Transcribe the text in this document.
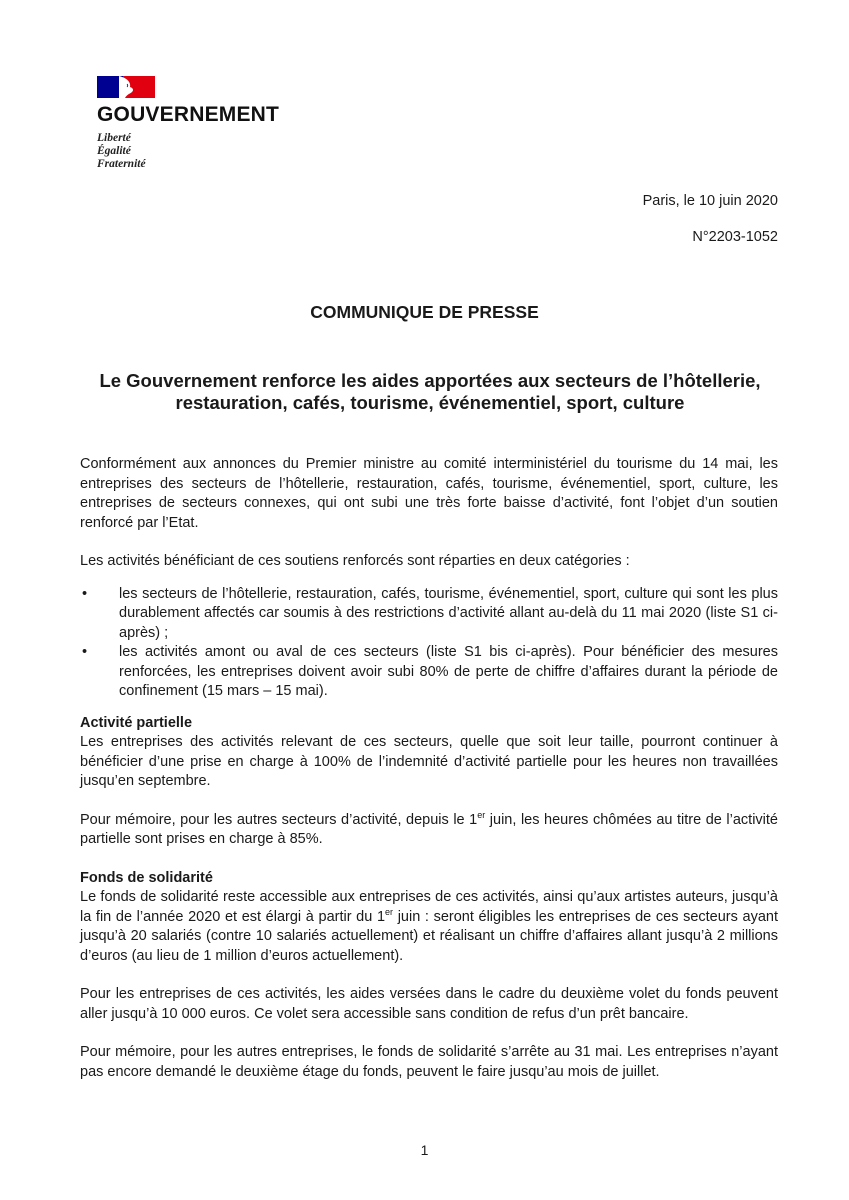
GOUVERNEMENT
Liberté
Égalité
Fraternité
Paris, le 10 juin 2020
N°2203-1052
COMMUNIQUE DE PRESSE
Le Gouvernement renforce les aides apportées aux secteurs de l’hôtellerie, restauration, cafés, tourisme, événementiel, sport, culture

Conformément aux annonces du Premier ministre au comité interministériel du tourisme du 14 mai, les entreprises des secteurs de l’hôtellerie, restauration, cafés, tourisme, événementiel, sport, culture, les entreprises de secteurs connexes, qui ont subi une très forte baisse d’activité, font l’objet d’un soutien renforcé par l’Etat.

Les activités bénéficiant de ces soutiens renforcés sont réparties en deux catégories :

• les secteurs de l’hôtellerie, restauration, cafés, tourisme, événementiel, sport, culture qui sont les plus durablement affectés car soumis à des restrictions d’activité allant au-delà du 11 mai 2020 (liste S1 ci-après) ;
• les activités amont ou aval de ces secteurs (liste S1 bis ci-après). Pour bénéficier des mesures renforcées, les entreprises doivent avoir subi 80% de perte de chiffre d’affaires durant la période de confinement (15 mars – 15 mai).
Activité partielle

Les entreprises des activités relevant de ces secteurs, quelle que soit leur taille, pourront continuer à bénéficier d’une prise en charge à 100% de l’indemnité d’activité partielle pour les heures non travaillées jusqu’en septembre.

Pour mémoire, pour les autres secteurs d’activité, depuis le 1er juin, les heures chômées au titre de l’activité partielle sont prises en charge à 85%.

Fonds de solidarité

Le fonds de solidarité reste accessible aux entreprises de ces activités, ainsi qu’aux artistes auteurs, jusqu’à la fin de l’année 2020 et est élargi à partir du 1er juin : seront éligibles les entreprises de ces secteurs ayant jusqu’à 20 salariés (contre 10 salariés actuellement) et réalisant un chiffre d’affaires allant jusqu’à 2 millions d’euros (au lieu de 1 million d’euros actuellement).

Pour les entreprises de ces activités, les aides versées dans le cadre du deuxième volet du fonds peuvent aller jusqu’à 10 000 euros. Ce volet sera accessible sans condition de refus d’un prêt bancaire.

Pour mémoire, pour les autres entreprises, le fonds de solidarité s’arrête au 31 mai. Les entreprises n’ayant pas encore demandé le deuxième étage du fonds, peuvent le faire jusqu’au mois de juillet.

1
